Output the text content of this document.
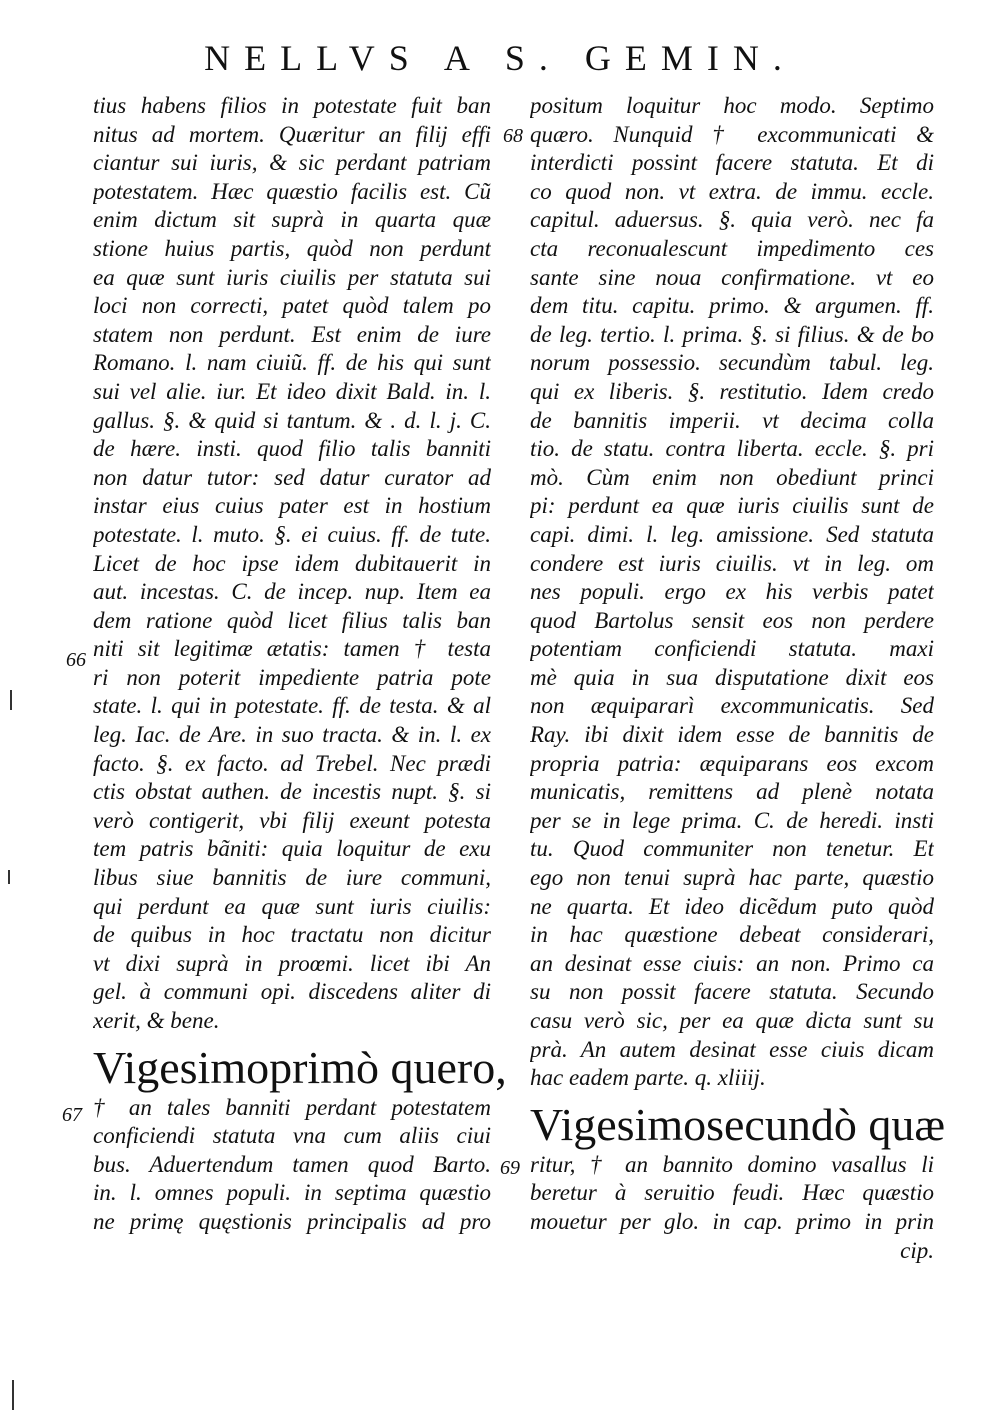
NELLVS A S. GEMIN.
tius habens filios in potestate fuit ban
nitus ad mortem. Quæritur an filij effi
ciantur sui iuris, & sic perdant patriam
potestatem. Hæc quæstio facilis est. Cũ
enim dictum sit suprà in quarta quæ
stione huius partis, quòd non perdunt
ea quæ sunt iuris ciuilis per statuta sui
loci non correcti, patet quòd talem po
statem non perdunt. Est enim de iure
Romano. l. nam ciuiũ. ff. de his qui sunt
sui vel alie. iur. Et ideo dixit Bald. in. l.
gallus. §. & quid si tantum. & . d. l. j. C.
de hære. insti. quod filio talis banniti
non datur tutor: sed datur curator ad
instar eius cuius pater est in hostium
potestate. l. muto. §. ei cuius. ff. de tute.
Licet de hoc ipse idem dubitauerit in
aut. incestas. C. de incep. nup. Item ea
dem ratione quòd licet filius talis ban
niti sit legitimæ ætatis: tamen † testa
ri non poterit impediente patria pote
state. l. qui in potestate. ff. de testa. & al
leg. Iac. de Are. in suo tracta. & in. l. ex
facto. §. ex facto. ad Trebel. Nec prædi
ctis obstat authen. de incestis nupt. §. si
verò contigerit, vbi filij exeunt potesta
tem patris bãniti: quia loquitur de exu
libus siue bannitis de iure communi,
qui perdunt ea quæ sunt iuris ciuilis:
de quibus in hoc tractatu non dicitur
vt dixi suprà in proœmi. licet ibi An
gel. à communi opi. discedens aliter di
xerit, & bene.
Vigesimoprimò quero,
† an tales banniti perdant potestatem
conficiendi statuta vna cum aliis ciui
bus. Aduertendum tamen quod Barto.
in. l. omnes populi. in septima quæstio
ne primę quęstionis principalis ad pro
positum loquitur hoc modo. Septimo
quæro. Nunquid † excommunicati &
interdicti possint facere statuta. Et di
co quod non. vt extra. de immu. eccle.
capitul. aduersus. §. quia verò. nec fa
cta reconualescunt impedimento ces
sante sine noua confirmatione. vt eo
dem titu. capitu. primo. & argumen. ff.
de leg. tertio. l. prima. §. si filius. & de bo
norum possessio. secundùm tabul. leg.
qui ex liberis. §. restitutio. Idem credo
de bannitis imperii. vt decima colla
tio. de statu. contra liberta. eccle. §. pri
mò. Cùm enim non obediunt princi
pi: perdunt ea quæ iuris ciuilis sunt de
capi. dimi. l. leg. amissione. Sed statuta
condere est iuris ciuilis. vt in leg. om
nes populi. ergo ex his verbis patet
quod Bartolus sensit eos non perdere
potentiam conficiendi statuta. maxi
mè quia in sua disputatione dixit eos
non æquipararì excommunicatis. Sed
Ray. ibi dixit idem esse de bannitis de
propria patria: æquiparans eos excom
municatis, remittens ad plenè notata
per se in lege prima. C. de heredi. insti
tu. Quod communiter non tenetur. Et
ego non tenui suprà hac parte, quæstio
ne quarta. Et ideo dicẽdum puto quòd
in hac quæstione debeat considerari,
an desinat esse ciuis: an non. Primo ca
su non possit facere statuta. Secundo
casu verò sic, per ea quæ dicta sunt su
prà. An autem desinat esse ciuis dicam
hac eadem parte. q. xliiij.
Vigesimosecundò quæ
ritur, † an bannito domino vasallus li
beretur à seruitio feudi. Hæc quæstio
mouetur per glo. in cap. primo in prin
cip.
66
67
68
69
